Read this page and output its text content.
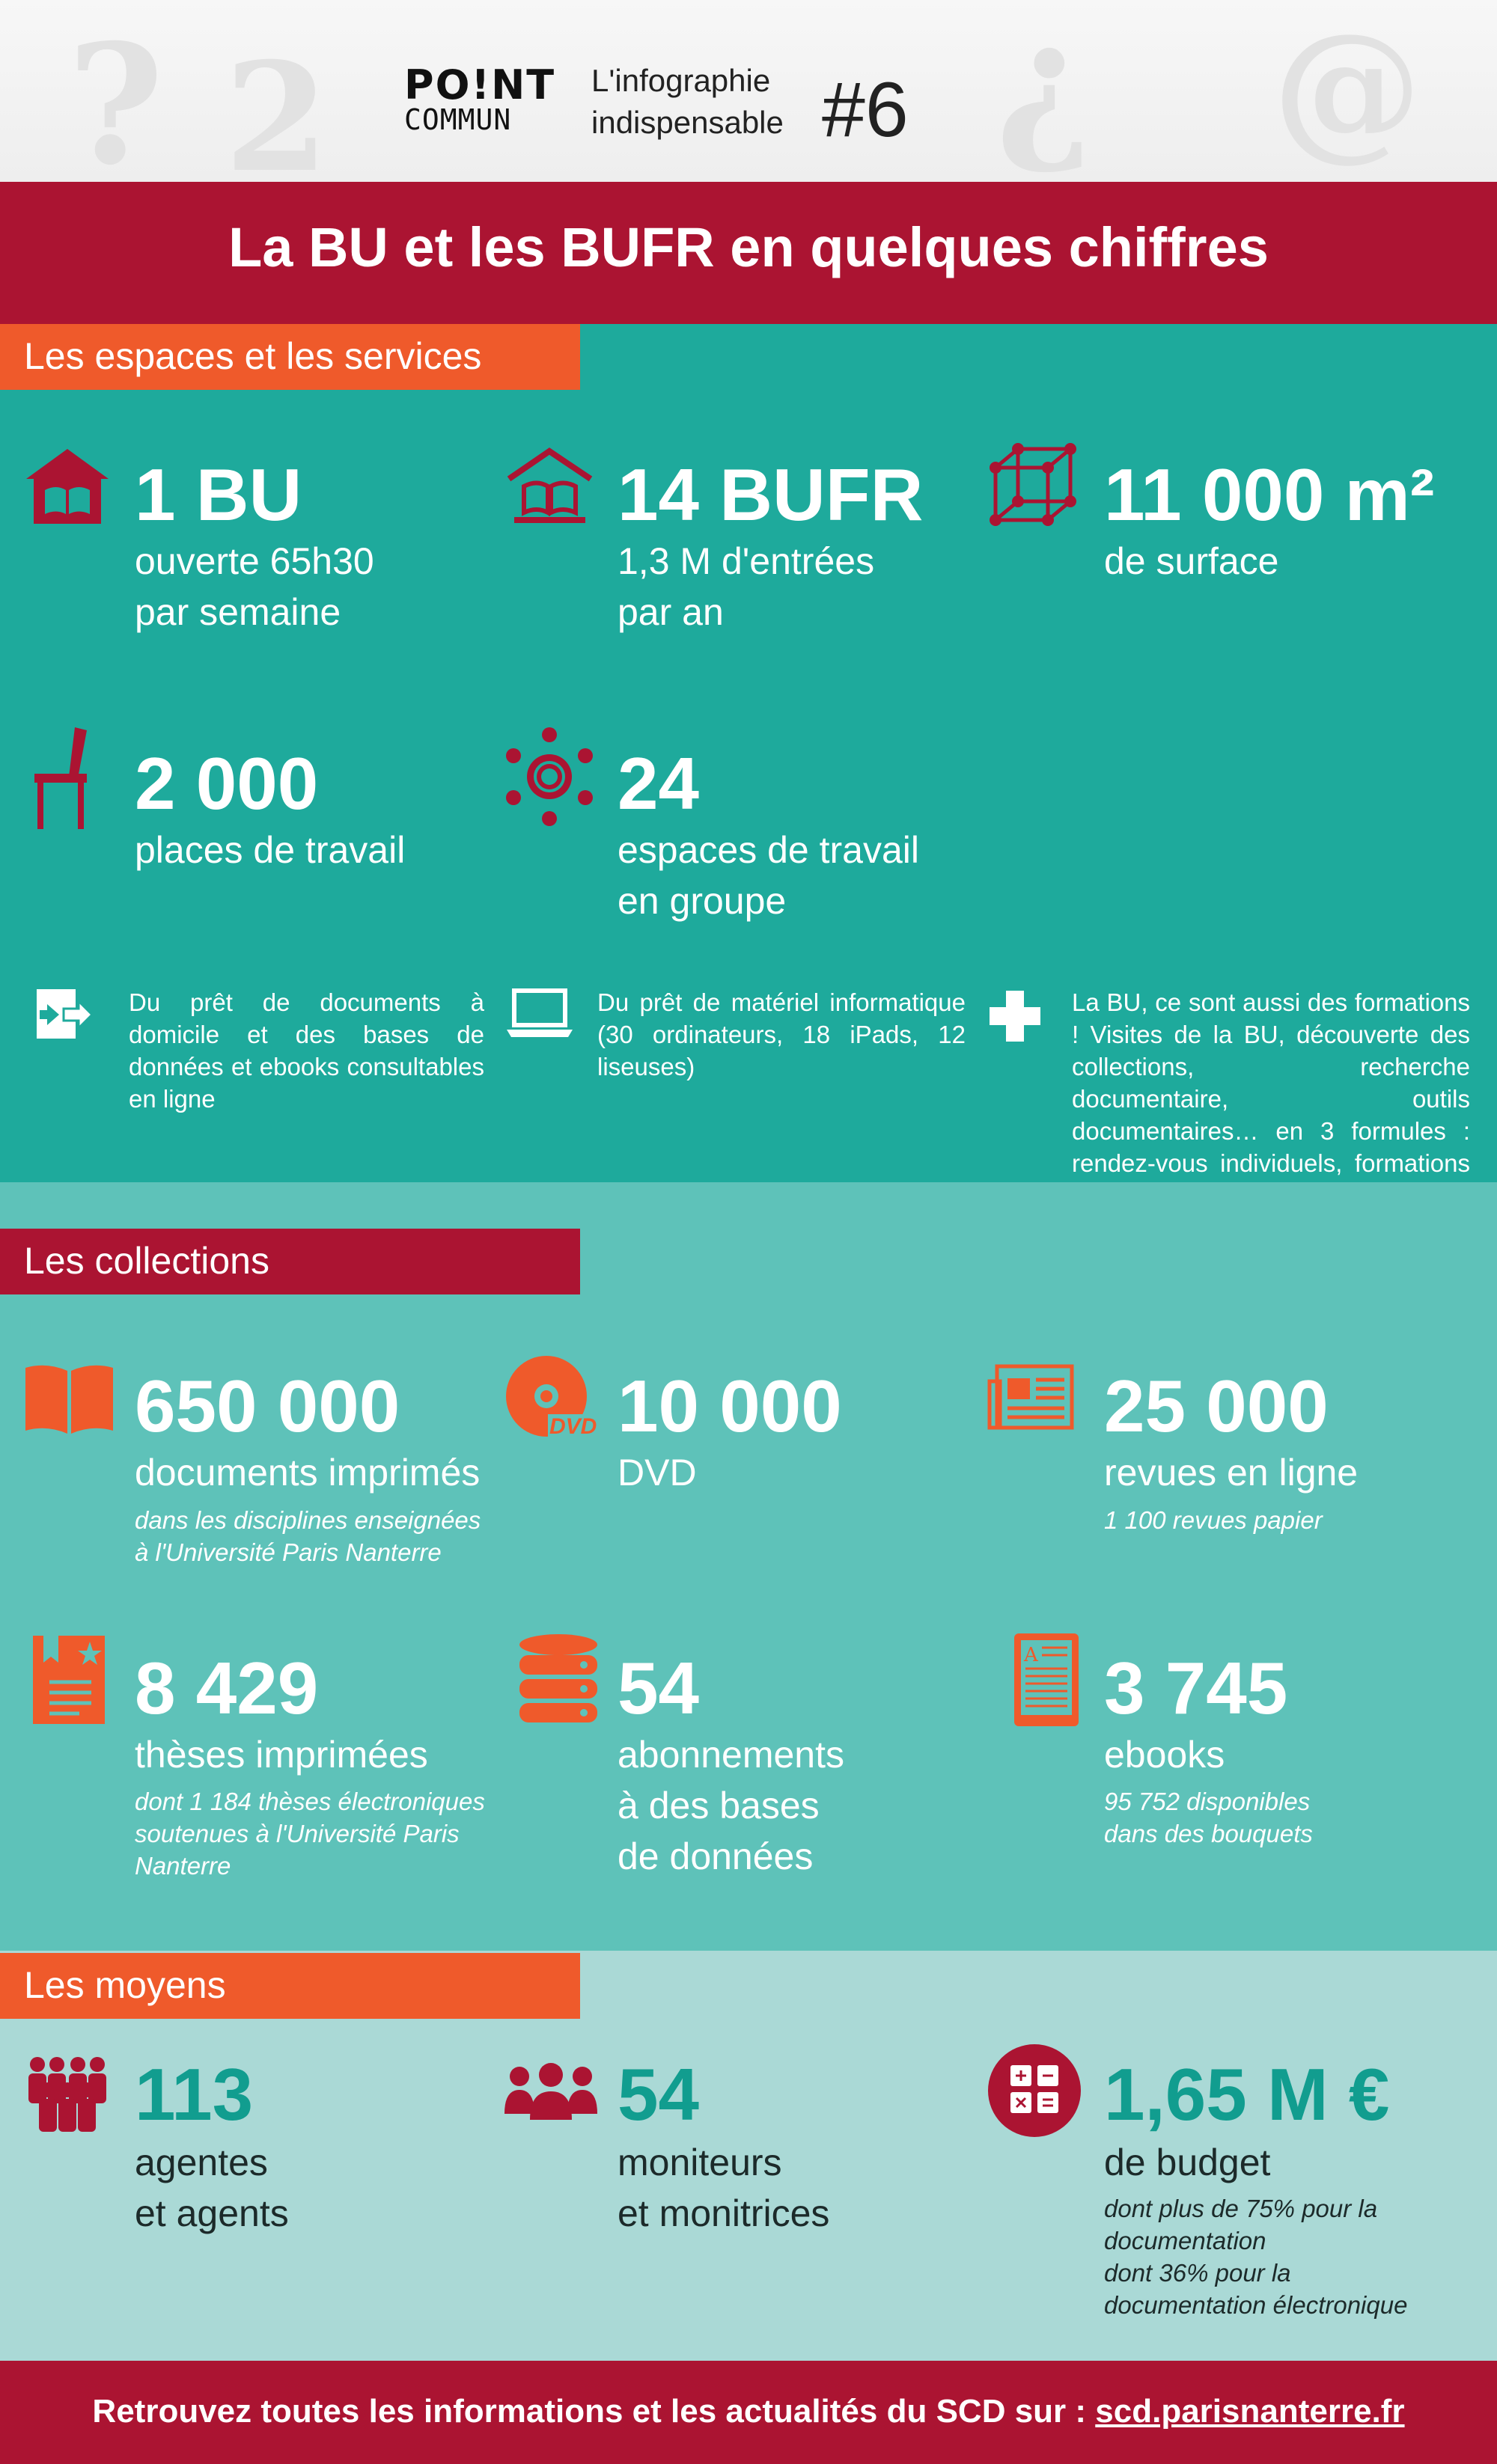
? 2	¿ @
PO!NT
COMMUN
L'infographie
indispensable #6
La BU et les BUFR en quelques chiffres
Les espaces et les services
1 BU
ouverte 65h30
par semaine
14 BUFR
1,3 M d'entrées
par an
11 000 m²
de surface
2 000
places de travail
24
espaces de travail
en groupe
Du prêt de documents à domicile et des bases de données et ebooks consultables en ligne
Du prêt de matériel informatique (30 ordinateurs, 18 iPads, 12 liseuses)
La BU, ce sont aussi des formations ! Visites de la BU, découverte des collections, recherche documentaire, outils documentaires… en 3 formules : rendez-vous individuels, formations
Les collections
650 000
documents imprimés
dans les disciplines enseignées
à l'Université Paris Nanterre
DVD 10 000
DVD
25 000
revues en ligne
1 100 revues papier
8 429
thèses imprimées
dont 1 184 thèses électroniques
soutenues à l'Université Paris
Nanterre
54
abonnements
à des bases
de données
A 3 745
ebooks
95 752 disponibles
dans des bouquets
Les moyens
113
agentes
et agents
54
moniteurs
et monitrices
1,65 M €
de budget
dont plus de 75% pour la
documentation
dont 36% pour la
documentation électronique
Retrouvez toutes les informations et les actualités du SCD sur : scd.parisnanterre.fr
